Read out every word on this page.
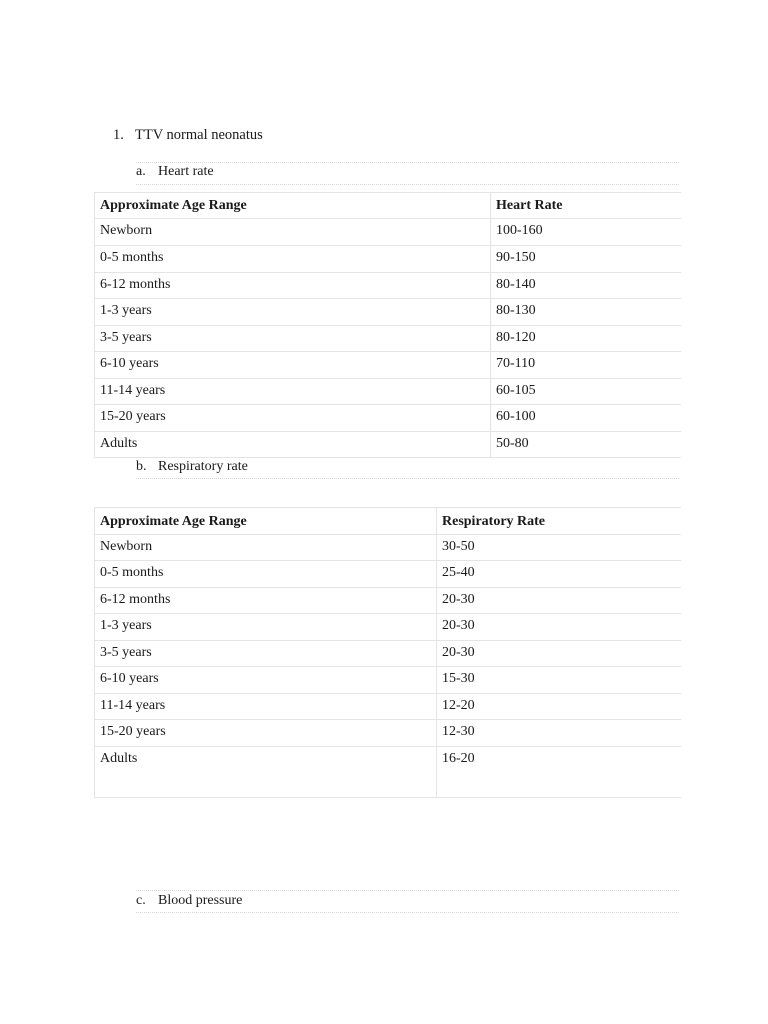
1. TTV normal neonatus
a. Heart rate
Approximate Age Range	Heart Rate
Newborn	100-160
0-5 months	90-150
6-12 months	80-140
1-3 years	80-130
3-5 years	80-120
6-10 years	70-110
11-14 years	60-105
15-20 years	60-100
Adults	50-80
b. Respiratory rate
Approximate Age Range	Respiratory Rate
Newborn	30-50
0-5 months	25-40
6-12 months	20-30
1-3 years	20-30
3-5 years	20-30
6-10 years	15-30
11-14 years	12-20
15-20 years	12-30
Adults	16-20
c. Blood pressure
